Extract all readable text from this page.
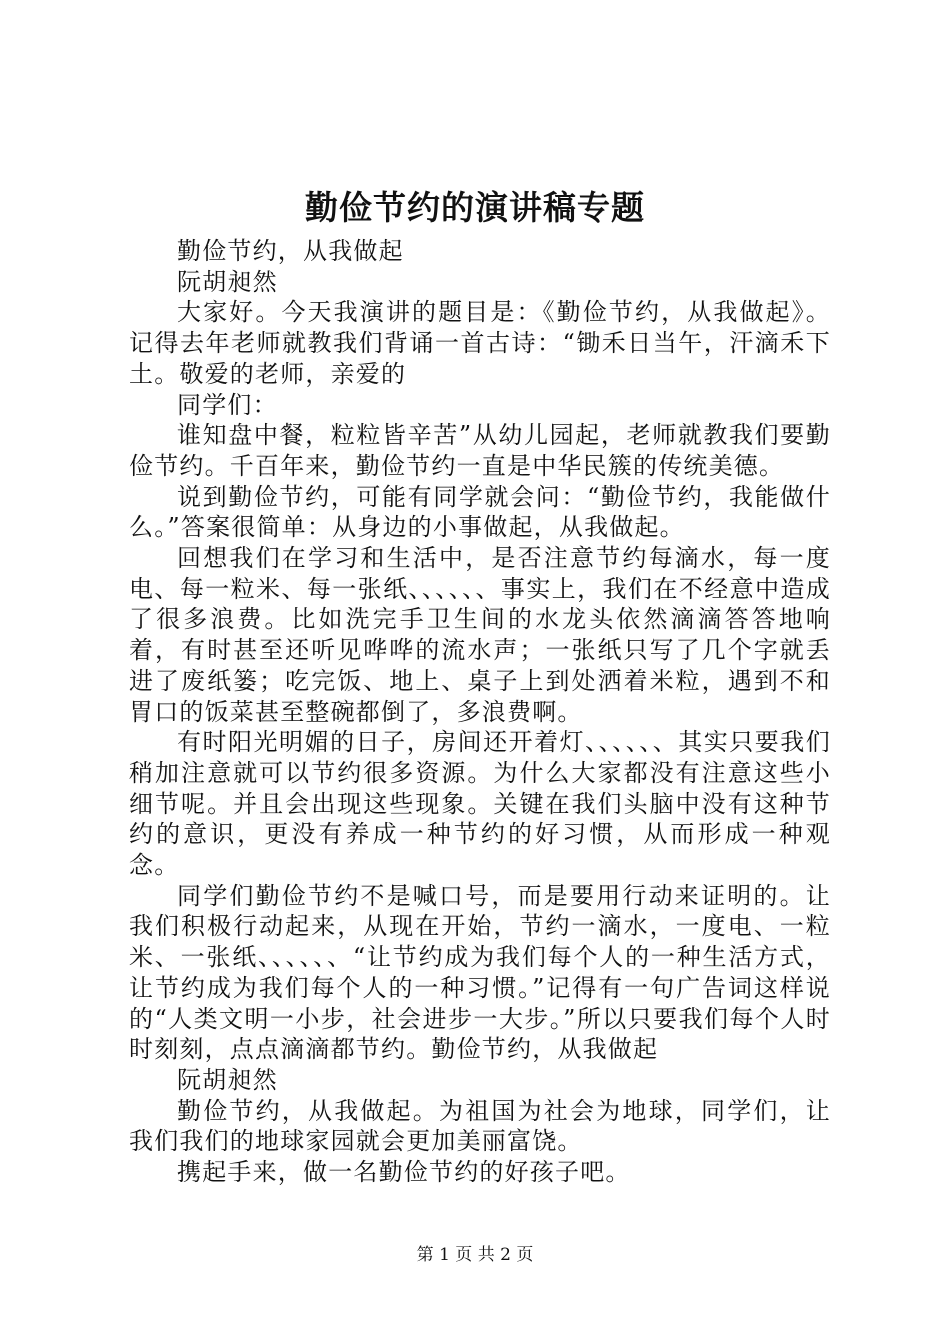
勤俭节约的演讲稿专题

勤俭节约，从我做起

阮胡昶然

大家好。今天我演讲的题目是：《勤俭节约，从我做起》。记得去年老师就教我们背诵一首古诗：“锄禾日当午，汗滴禾下土。敬爱的老师，亲爱的

同学们：

谁知盘中餐，粒粒皆辛苦”从幼儿园起，老师就教我们要勤俭节约。千百年来，勤俭节约一直是中华民簇的传统美德。

说到勤俭节约，可能有同学就会问：“勤俭节约，我能做什么。”答案很简单：从身边的小事做起，从我做起。

回想我们在学习和生活中，是否注意节约每滴水，每一度电、每一粒米、每一张纸、、、、、、事实上，我们在不经意中造成了很多浪费。比如洗完手卫生间的水龙头依然滴滴答答地响着，有时甚至还听见哗哗的流水声；一张纸只写了几个字就丢进了废纸篓；吃完饭、地上、桌子上到处洒着米粒，遇到不和胃口的饭菜甚至整碗都倒了，多浪费啊。

有时阳光明媚的日子，房间还开着灯、、、、、、其实只要我们稍加注意就可以节约很多资源。为什么大家都没有注意这些小细节呢。并且会出现这些现象。关键在我们头脑中没有这种节约的意识，更没有养成一种节约的好习惯，从而形成一种观念。

同学们勤俭节约不是喊口号，而是要用行动来证明的。让我们积极行动起来，从现在开始，节约一滴水，一度电、一粒米、一张纸、、、、、、“让节约成为我们每个人的一种生活方式，让节约成为我们每个人的一种习惯。”记得有一句广告词这样说的“人类文明一小步，社会进步一大步。”所以只要我们每个人时时刻刻，点点滴滴都节约。勤俭节约，从我做起

阮胡昶然

勤俭节约，从我做起。为祖国为社会为地球，同学们，让我们我们的地球家园就会更加美丽富饶。

携起手来，做一名勤俭节约的好孩子吧。

第 1 页 共 2 页
